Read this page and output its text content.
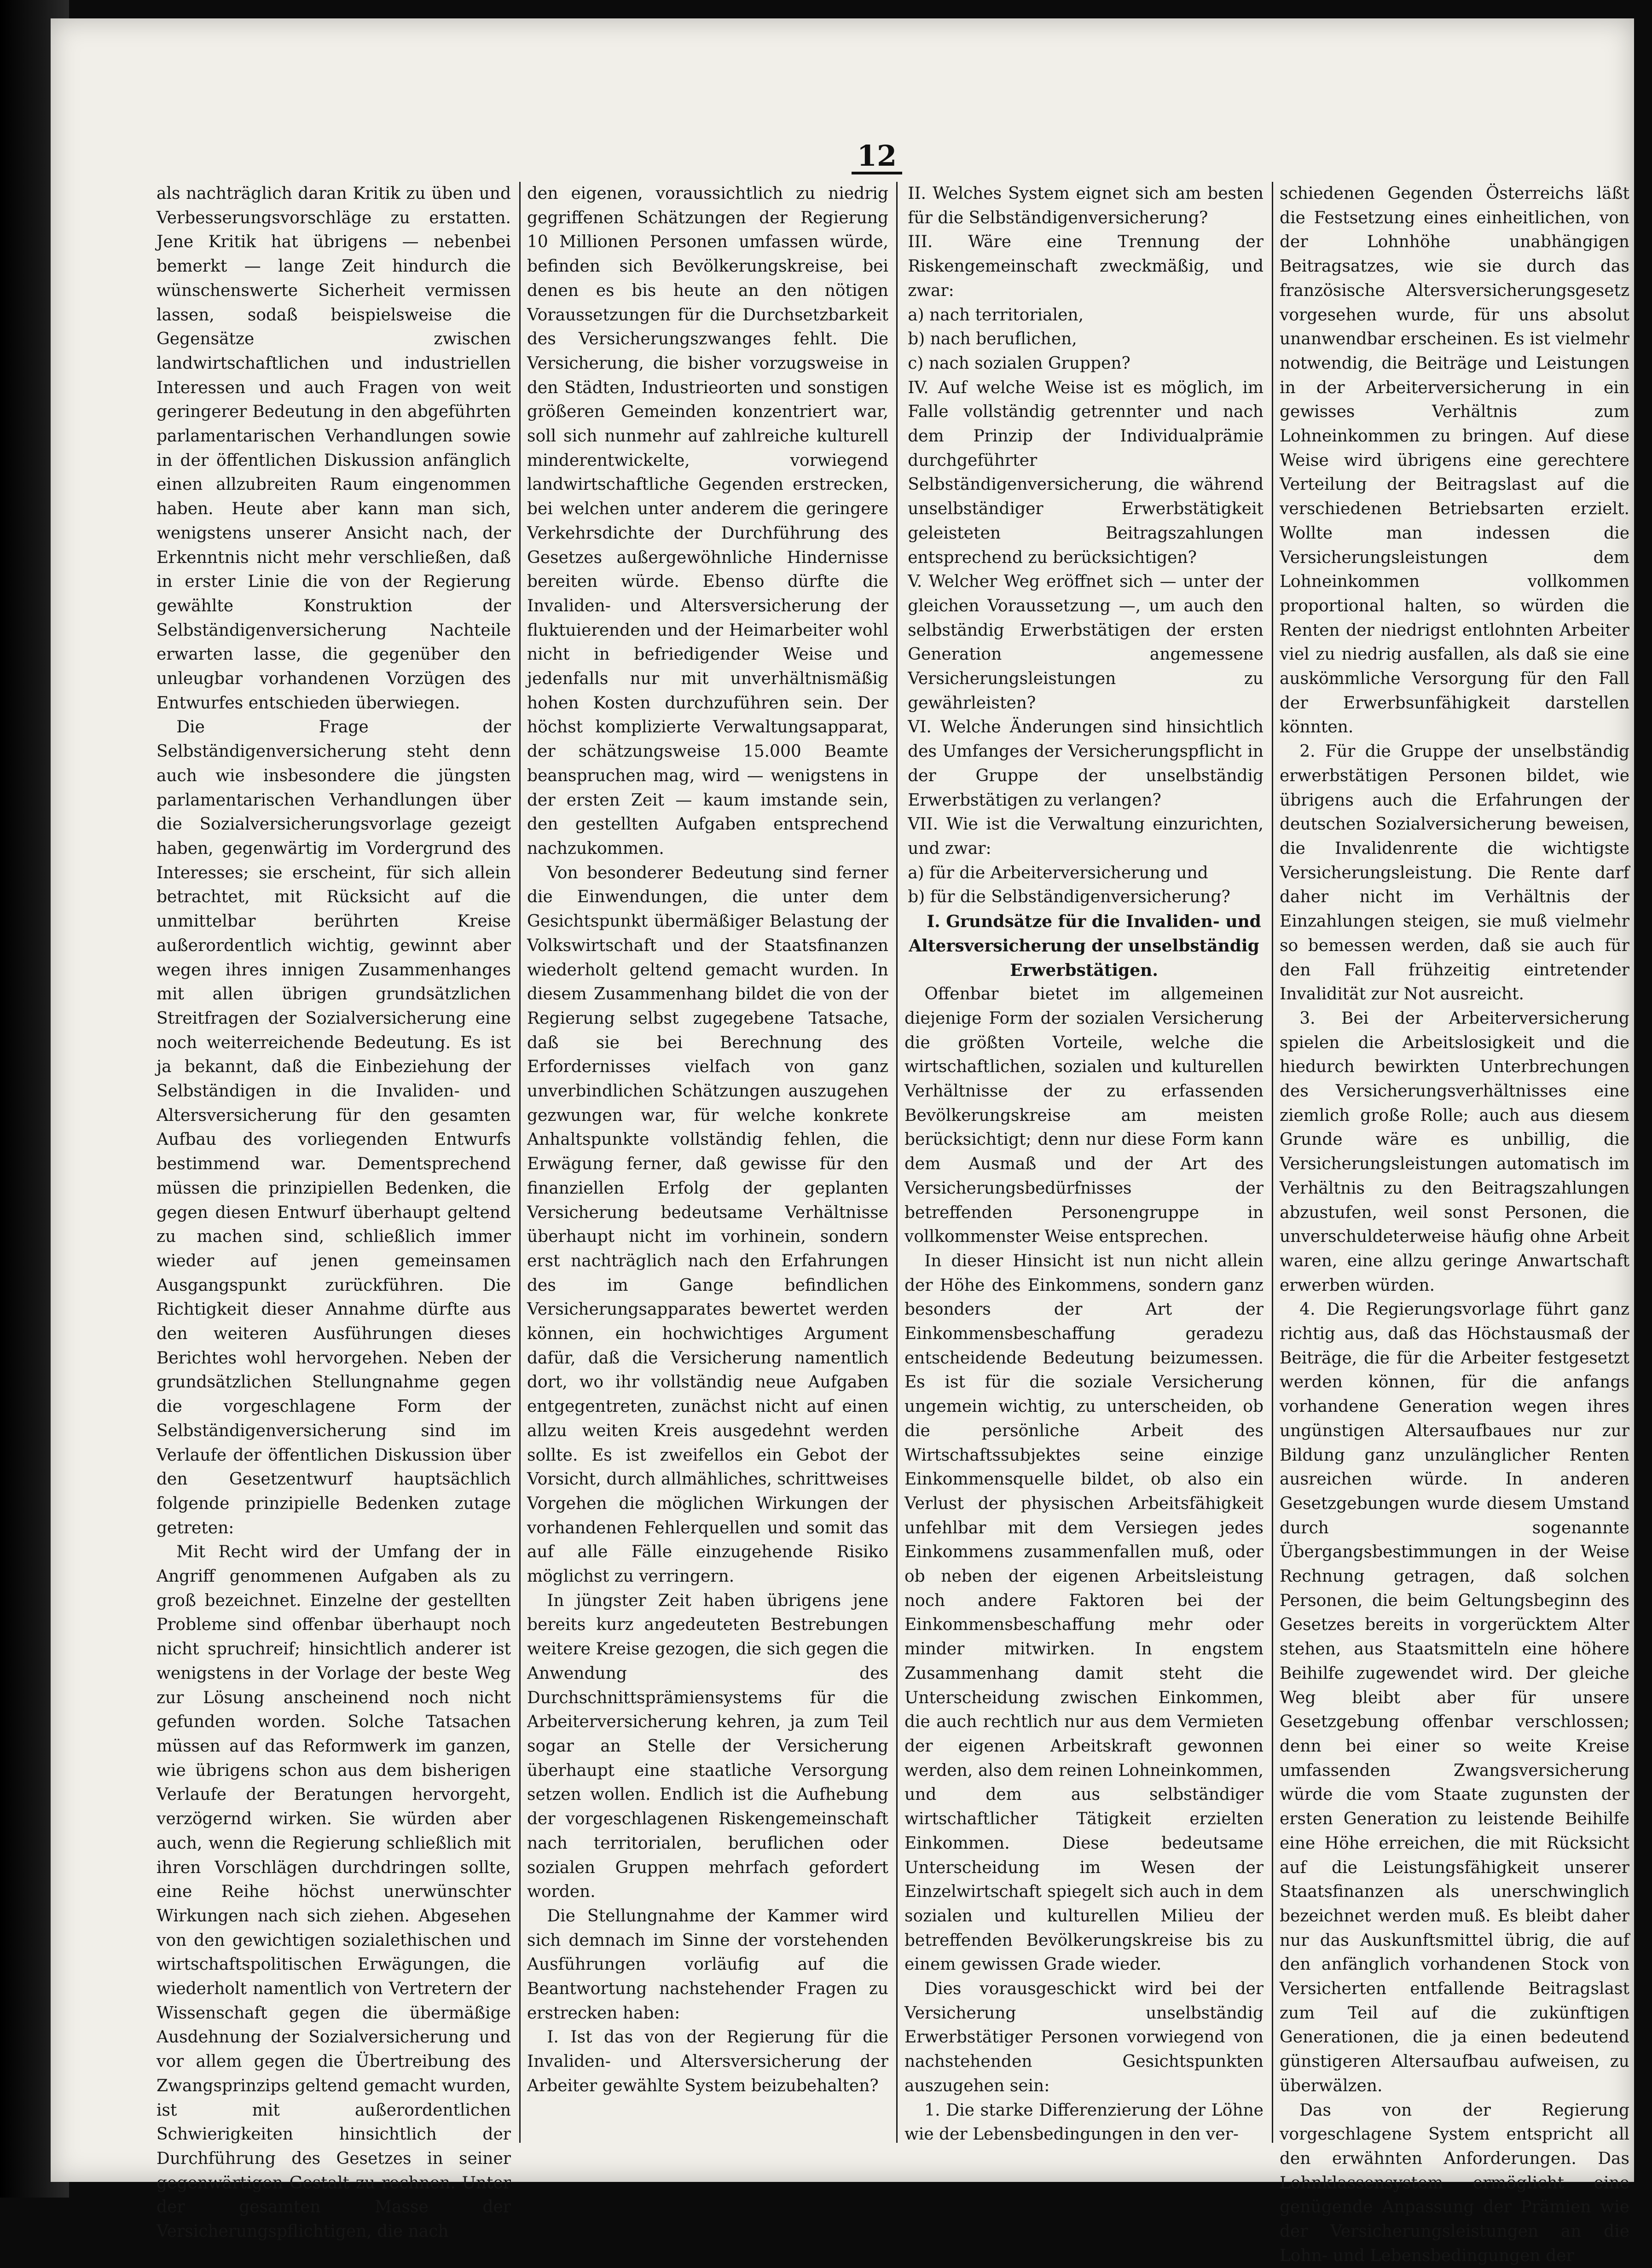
12

als nachträglich daran Kritik zu üben und Verbesserungsvorschläge zu erstatten. Jene Kritik hat übrigens — nebenbei bemerkt — lange Zeit hindurch die wünschenswerte Sicherheit vermissen lassen, sodaß beispielsweise die Gegensätze zwischen landwirtschaftlichen und industriellen Interessen und auch Fragen von weit geringerer Bedeutung in den abgeführten parlamentarischen Verhandlungen sowie in der öffentlichen Diskussion anfänglich einen allzubreiten Raum eingenommen haben. Heute aber kann man sich, wenigstens unserer Ansicht nach, der Erkenntnis nicht mehr verschließen, daß in erster Linie die von der Regierung gewählte Konstruktion der Selbständigenversicherung Nachteile erwarten lasse, die gegenüber den unleugbar vorhandenen Vorzügen des Entwurfes entschieden überwiegen.

Die Frage der Selbständigenversicherung steht denn auch wie insbesondere die jüngsten parlamentarischen Verhandlungen über die Sozialversicherungsvorlage gezeigt haben, gegenwärtig im Vordergrund des Interesses; sie erscheint, für sich allein betrachtet, mit Rücksicht auf die unmittelbar berührten Kreise außerordentlich wichtig, gewinnt aber wegen ihres innigen Zusammenhanges mit allen übrigen grundsätzlichen Streitfragen der Sozialversicherung eine noch weiterreichende Bedeutung. Es ist ja bekannt, daß die Einbeziehung der Selbständigen in die Invaliden- und Altersversicherung für den gesamten Aufbau des vorliegenden Entwurfs bestimmend war. Dementsprechend müssen die prinzipiellen Bedenken, die gegen diesen Entwurf überhaupt geltend zu machen sind, schließlich immer wieder auf jenen gemeinsamen Ausgangspunkt zurückführen. Die Richtigkeit dieser Annahme dürfte aus den weiteren Ausführungen dieses Berichtes wohl hervorgehen. Neben der grundsätzlichen Stellungnahme gegen die vorgeschlagene Form der Selbständigenversicherung sind im Verlaufe der öffentlichen Diskussion über den Gesetzentwurf hauptsächlich folgende prinzipielle Bedenken zutage getreten:

Mit Recht wird der Umfang der in Angriff genommenen Aufgaben als zu groß bezeichnet. Einzelne der gestellten Probleme sind offenbar überhaupt noch nicht spruchreif; hinsichtlich anderer ist wenigstens in der Vorlage der beste Weg zur Lösung anscheinend noch nicht gefunden worden. Solche Tatsachen müssen auf das Reformwerk im ganzen, wie übrigens schon aus dem bisherigen Verlaufe der Beratungen hervorgeht, verzögernd wirken. Sie würden aber auch, wenn die Regierung schließlich mit ihren Vorschlägen durchdringen sollte, eine Reihe höchst unerwünschter Wirkungen nach sich ziehen. Abgesehen von den gewichtigen sozialethischen und wirtschaftspolitischen Erwägungen, die wiederholt namentlich von Vertretern der Wissenschaft gegen die übermäßige Ausdehnung der Sozialversicherung und vor allem gegen die Übertreibung des Zwangsprinzips geltend gemacht wurden, ist mit außerordentlichen Schwierigkeiten hinsichtlich der Durchführung des Gesetzes in seiner gegenwärtigen Gestalt zu rechnen. Unter der gesamten Masse der Versicherungspflichtigen, die nach

den eigenen, voraussichtlich zu niedrig gegriffenen Schätzungen der Regierung 10 Millionen Personen umfassen würde, befinden sich Bevölkerungskreise, bei denen es bis heute an den nötigen Voraussetzungen für die Durchsetzbarkeit des Versicherungszwanges fehlt. Die Versicherung, die bisher vorzugsweise in den Städten, Industrieorten und sonstigen größeren Gemeinden konzentriert war, soll sich nunmehr auf zahlreiche kulturell minderentwickelte, vorwiegend landwirtschaftliche Gegenden erstrecken, bei welchen unter anderem die geringere Verkehrsdichte der Durchführung des Gesetzes außergewöhnliche Hindernisse bereiten würde. Ebenso dürfte die Invaliden- und Altersversicherung der fluktuierenden und der Heimarbeiter wohl nicht in befriedigender Weise und jedenfalls nur mit unverhältnismäßig hohen Kosten durchzuführen sein. Der höchst komplizierte Verwaltungsapparat, der schätzungsweise 15.000 Beamte beanspruchen mag, wird — wenigstens in der ersten Zeit — kaum imstande sein, den gestellten Aufgaben entsprechend nachzukommen.

Von besonderer Bedeutung sind ferner die Einwendungen, die unter dem Gesichtspunkt übermäßiger Belastung der Volkswirtschaft und der Staatsfinanzen wiederholt geltend gemacht wurden. In diesem Zusammenhang bildet die von der Regierung selbst zugegebene Tatsache, daß sie bei Berechnung des Erfordernisses vielfach von ganz unverbindlichen Schätzungen auszugehen gezwungen war, für welche konkrete Anhaltspunkte vollständig fehlen, die Erwägung ferner, daß gewisse für den finanziellen Erfolg der geplanten Versicherung bedeutsame Verhältnisse überhaupt nicht im vorhinein, sondern erst nachträglich nach den Erfahrungen des im Gange befindlichen Versicherungsapparates bewertet werden können, ein hochwichtiges Argument dafür, daß die Versicherung namentlich dort, wo ihr vollständig neue Aufgaben entgegentreten, zunächst nicht auf einen allzu weiten Kreis ausgedehnt werden sollte. Es ist zweifellos ein Gebot der Vorsicht, durch allmähliches, schrittweises Vorgehen die möglichen Wirkungen der vorhandenen Fehlerquellen und somit das auf alle Fälle einzugehende Risiko möglichst zu verringern.

In jüngster Zeit haben übrigens jene bereits kurz angedeuteten Bestrebungen weitere Kreise gezogen, die sich gegen die Anwendung des Durchschnittsprämiensystems für die Arbeiterversicherung kehren, ja zum Teil sogar an Stelle der Versicherung überhaupt eine staatliche Versorgung setzen wollen. Endlich ist die Aufhebung der vorgeschlagenen Riskengemeinschaft nach territorialen, beruflichen oder sozialen Gruppen mehrfach gefordert worden.

Die Stellungnahme der Kammer wird sich demnach im Sinne der vorstehenden Ausführungen vorläufig auf die Beantwortung nachstehender Fragen zu erstrecken haben:

I. Ist das von der Regierung für die Invaliden- und Altersversicherung der Arbeiter gewählte System beizubehalten?

II. Welches System eignet sich am besten für die Selbständigenversicherung?

III. Wäre eine Trennung der Riskengemeinschaft zweckmäßig, und zwar:

a) nach territorialen,

b) nach beruflichen,

c) nach sozialen Gruppen?

IV. Auf welche Weise ist es möglich, im Falle vollständig getrennter und nach dem Prinzip der Individualprämie durchgeführter Selbständigenversicherung, die während unselbständiger Erwerbstätigkeit geleisteten Beitragszahlungen entsprechend zu berücksichtigen?

V. Welcher Weg eröffnet sich — unter der gleichen Voraussetzung —, um auch den selbständig Erwerbstätigen der ersten Generation angemessene Versicherungsleistungen zu gewährleisten?

VI. Welche Änderungen sind hinsichtlich des Umfanges der Versicherungspflicht in der Gruppe der unselbständig Erwerbstätigen zu verlangen?

VII. Wie ist die Verwaltung einzurichten, und zwar:

a) für die Arbeiterversicherung und

b) für die Selbständigenversicherung?

I. Grundsätze für die Invaliden- und Altersversicherung der unselbständig Erwerbstätigen.

Offenbar bietet im allgemeinen diejenige Form der sozialen Versicherung die größten Vorteile, welche die wirtschaftlichen, sozialen und kulturellen Verhältnisse der zu erfassenden Bevölkerungskreise am meisten berücksichtigt; denn nur diese Form kann dem Ausmaß und der Art des Versicherungsbedürfnisses der betreffenden Personengruppe in vollkommenster Weise entsprechen.

In dieser Hinsicht ist nun nicht allein der Höhe des Einkommens, sondern ganz besonders der Art der Einkommensbeschaffung geradezu entscheidende Bedeutung beizumessen. Es ist für die soziale Versicherung ungemein wichtig, zu unterscheiden, ob die persönliche Arbeit des Wirtschaftssubjektes seine einzige Einkommensquelle bildet, ob also ein Verlust der physischen Arbeitsfähigkeit unfehlbar mit dem Versiegen jedes Einkommens zusammenfallen muß, oder ob neben der eigenen Arbeitsleistung noch andere Faktoren bei der Einkommensbeschaffung mehr oder minder mitwirken. In engstem Zusammenhang damit steht die Unterscheidung zwischen Einkommen, die auch rechtlich nur aus dem Vermieten der eigenen Arbeitskraft gewonnen werden, also dem reinen Lohneinkommen, und dem aus selbständiger wirtschaftlicher Tätigkeit erzielten Einkommen. Diese bedeutsame Unterscheidung im Wesen der Einzelwirtschaft spiegelt sich auch in dem sozialen und kulturellen Milieu der betreffenden Bevölkerungskreise bis zu einem gewissen Grade wieder.

Dies vorausgeschickt wird bei der Versicherung unselbständig Erwerbstätiger Personen vorwiegend von nachstehenden Gesichtspunkten auszugehen sein:

1. Die starke Differenzierung der Löhne wie der Lebensbedingungen in den ver-

schiedenen Gegenden Österreichs läßt die Festsetzung eines einheitlichen, von der Lohnhöhe unabhängigen Beitragsatzes, wie sie durch das französische Altersversicherungsgesetz vorgesehen wurde, für uns absolut unanwendbar erscheinen. Es ist vielmehr notwendig, die Beiträge und Leistungen in der Arbeiterversicherung in ein gewisses Verhältnis zum Lohneinkommen zu bringen. Auf diese Weise wird übrigens eine gerechtere Verteilung der Beitragslast auf die verschiedenen Betriebsarten erzielt. Wollte man indessen die Versicherungsleistungen dem Lohneinkommen vollkommen proportional halten, so würden die Renten der niedrigst entlohnten Arbeiter viel zu niedrig ausfallen, als daß sie eine auskömmliche Versorgung für den Fall der Erwerbsunfähigkeit darstellen könnten.

2. Für die Gruppe der unselbständig erwerbstätigen Personen bildet, wie übrigens auch die Erfahrungen der deutschen Sozialversicherung beweisen, die Invalidenrente die wichtigste Versicherungsleistung. Die Rente darf daher nicht im Verhältnis der Einzahlungen steigen, sie muß vielmehr so bemessen werden, daß sie auch für den Fall frühzeitig eintretender Invalidität zur Not ausreicht.

3. Bei der Arbeiterversicherung spielen die Arbeitslosigkeit und die hiedurch bewirkten Unterbrechungen des Versicherungsverhältnisses eine ziemlich große Rolle; auch aus diesem Grunde wäre es unbillig, die Versicherungsleistungen automatisch im Verhältnis zu den Beitragszahlungen abzustufen, weil sonst Personen, die unverschuldeterweise häufig ohne Arbeit waren, eine allzu geringe Anwartschaft erwerben würden.

4. Die Regierungsvorlage führt ganz richtig aus, daß das Höchstausmaß der Beiträge, die für die Arbeiter festgesetzt werden können, für die anfangs vorhandene Generation wegen ihres ungünstigen Altersaufbaues nur zur Bildung ganz unzulänglicher Renten ausreichen würde. In anderen Gesetzgebungen wurde diesem Umstand durch sogenannte Übergangsbestimmungen in der Weise Rechnung getragen, daß solchen Personen, die beim Geltungsbeginn des Gesetzes bereits in vorgerücktem Alter stehen, aus Staatsmitteln eine höhere Beihilfe zugewendet wird. Der gleiche Weg bleibt aber für unsere Gesetzgebung offenbar verschlossen; denn bei einer so weite Kreise umfassenden Zwangsversicherung würde die vom Staate zugunsten der ersten Generation zu leistende Beihilfe eine Höhe erreichen, die mit Rücksicht auf die Leistungsfähigkeit unserer Staatsfinanzen als unerschwinglich bezeichnet werden muß. Es bleibt daher nur das Auskunftsmittel übrig, die auf den anfänglich vorhandenen Stock von Versicherten entfallende Beitragslast zum Teil auf die zukünftigen Generationen, die ja einen bedeutend günstigeren Altersaufbau aufweisen, zu überwälzen.

Das von der Regierung vorgeschlagene System entspricht all den erwähnten Anforderungen. Das Lohnklassensystem ermöglicht eine genügende Anpassung der Prämien wie der Versicherungsleistungen an die Lohn- und Lebensbedingungen der
